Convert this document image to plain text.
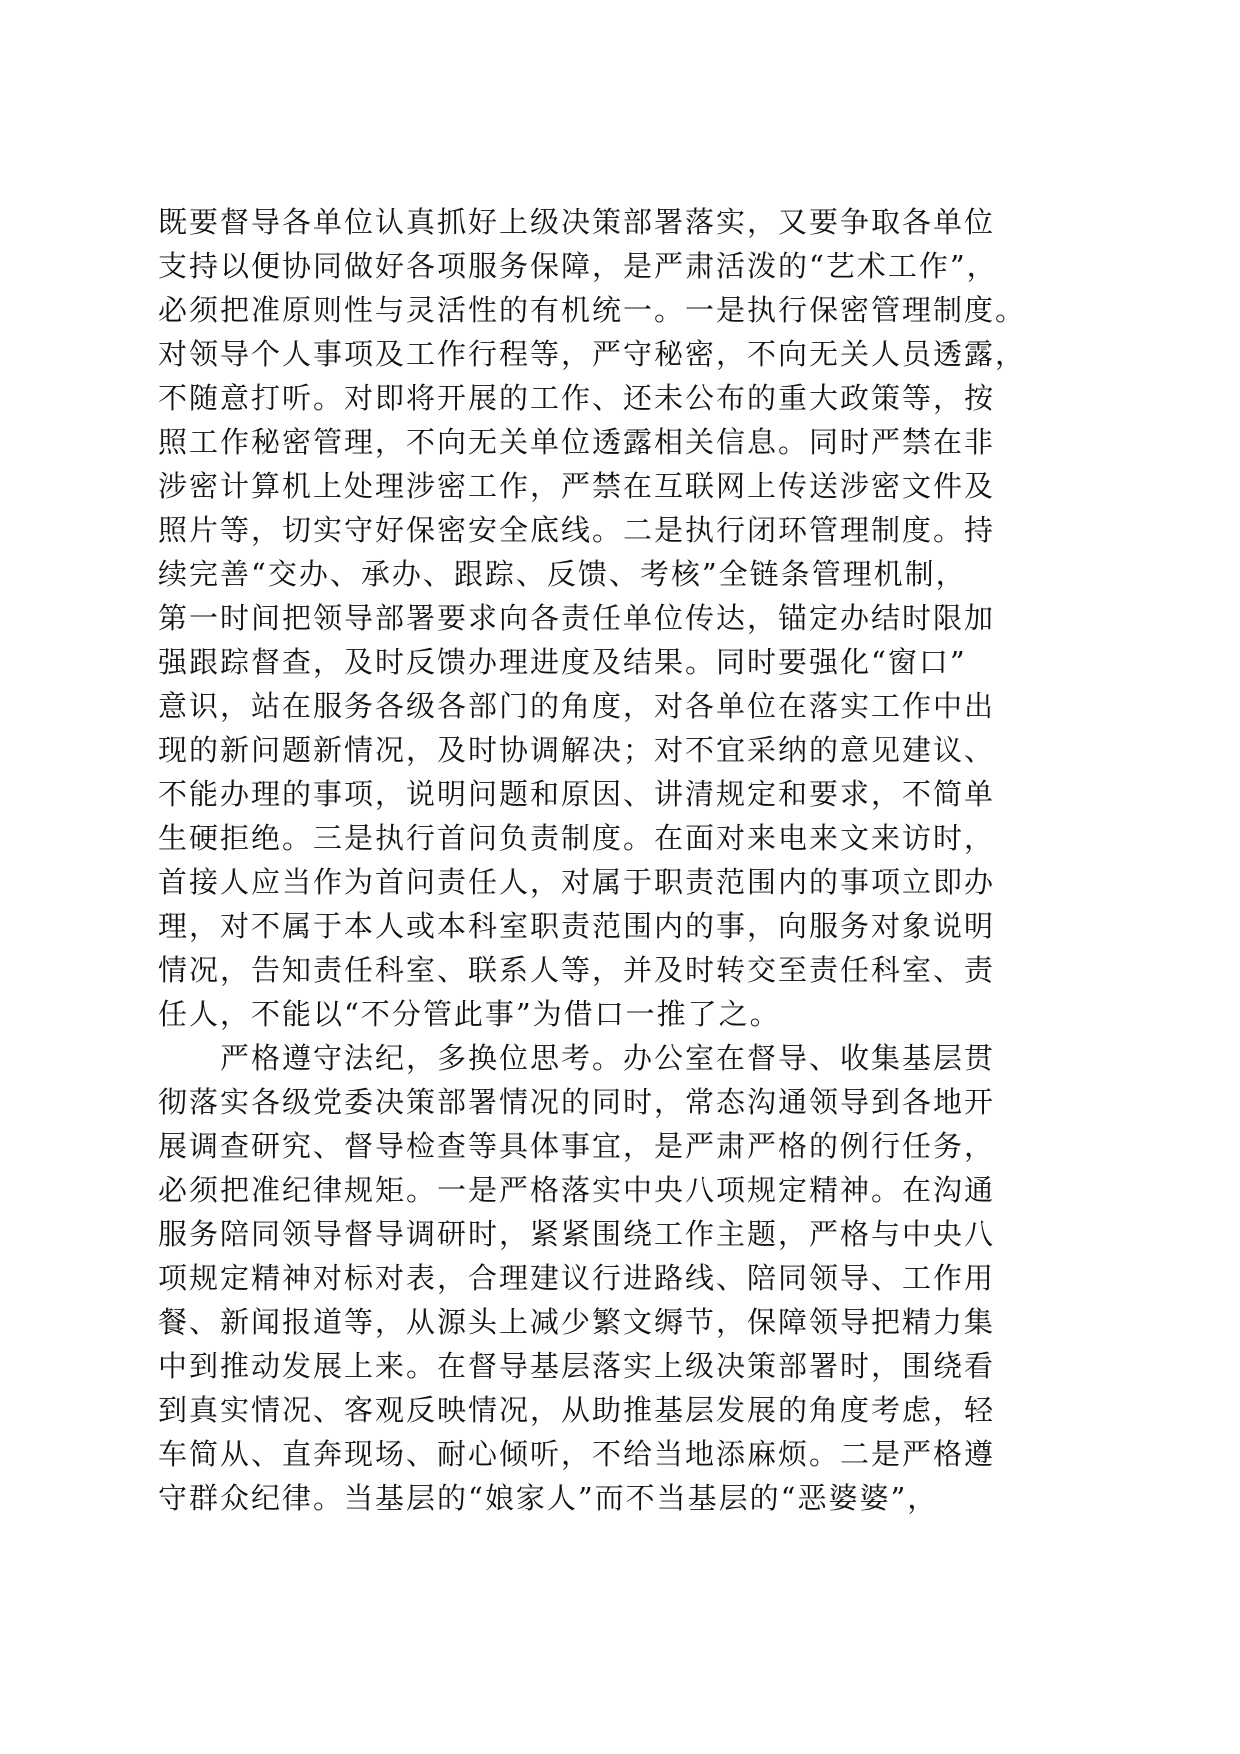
既要督导各单位认真抓好上级决策部署落实，又要争取各单位
支持以便协同做好各项服务保障，是严肃活泼的“艺术工作”，
必须把准原则性与灵活性的有机统一。一是执行保密管理制度。
对领导个人事项及工作行程等，严守秘密，不向无关人员透露，
不随意打听。对即将开展的工作、还未公布的重大政策等，按
照工作秘密管理，不向无关单位透露相关信息。同时严禁在非
涉密计算机上处理涉密工作，严禁在互联网上传送涉密文件及
照片等，切实守好保密安全底线。二是执行闭环管理制度。持
续完善“交办、承办、跟踪、反馈、考核”全链条管理机制，
第一时间把领导部署要求向各责任单位传达，锚定办结时限加
强跟踪督查，及时反馈办理进度及结果。同时要强化“窗口”
意识，站在服务各级各部门的角度，对各单位在落实工作中出
现的新问题新情况，及时协调解决；对不宜采纳的意见建议、
不能办理的事项，说明问题和原因、讲清规定和要求，不简单
生硬拒绝。三是执行首问负责制度。在面对来电来文来访时，
首接人应当作为首问责任人，对属于职责范围内的事项立即办
理，对不属于本人或本科室职责范围内的事，向服务对象说明
情况，告知责任科室、联系人等，并及时转交至责任科室、责
任人，不能以“不分管此事”为借口一推了之。
　　严格遵守法纪，多换位思考。办公室在督导、收集基层贯
彻落实各级党委决策部署情况的同时，常态沟通领导到各地开
展调查研究、督导检查等具体事宜，是严肃严格的例行任务，
必须把准纪律规矩。一是严格落实中央八项规定精神。在沟通
服务陪同领导督导调研时，紧紧围绕工作主题，严格与中央八
项规定精神对标对表，合理建议行进路线、陪同领导、工作用
餐、新闻报道等，从源头上减少繁文缛节，保障领导把精力集
中到推动发展上来。在督导基层落实上级决策部署时，围绕看
到真实情况、客观反映情况，从助推基层发展的角度考虑，轻
车简从、直奔现场、耐心倾听，不给当地添麻烦。二是严格遵
守群众纪律。当基层的“娘家人”而不当基层的“恶婆婆”，
